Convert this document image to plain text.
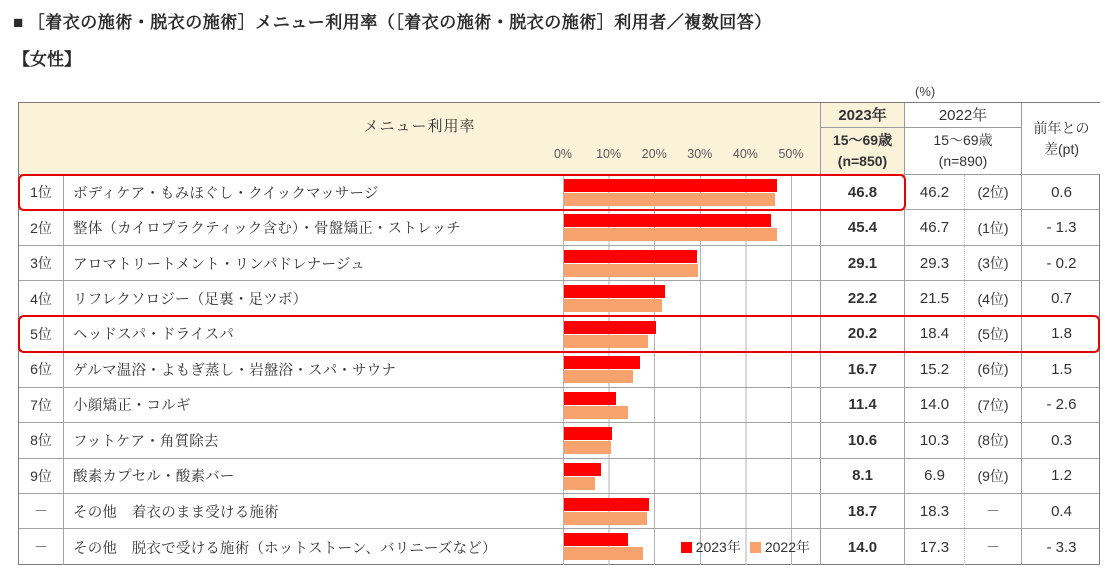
■ ［着衣の施術・脱衣の施術］メニュー利用率（［着衣の施術・脱衣の施術］利用者／複数回答）
【女性】
(%)
メニュー利用率
0% 10% 20% 30% 40% 50%
2023年
15〜69歳
(n=850)
2022年
15〜69歳
(n=890)
前年との
差(pt)
1位	ボディケア・もみほぐし・クイックマッサージ	46.8	46.2	(2位)	0.6
2位	整体（カイロプラクティック含む）・骨盤矯正・ストレッチ	45.4	46.7	(1位)	- 1.3
3位	アロマトリートメント・リンパドレナージュ	29.1	29.3	(3位)	- 0.2
4位	リフレクソロジー（足裏・足ツボ）	22.2	21.5	(4位)	0.7
5位	ヘッドスパ・ドライスパ	20.2	18.4	(5位)	1.8
6位	ゲルマ温浴・よもぎ蒸し・岩盤浴・スパ・サウナ	16.7	15.2	(6位)	1.5
7位	小顔矯正・コルギ	11.4	14.0	(7位)	- 2.6
8位	フットケア・角質除去	10.6	10.3	(8位)	0.3
9位	酸素カプセル・酸素バー	8.1	6.9	(9位)	1.2
－	その他　着衣のまま受ける施術	18.7	18.3	－	0.4
－	その他　脱衣で受ける施術（ホットストーン、バリニーズなど）	2023年 2022年	14.0	17.3	－	- 3.3
